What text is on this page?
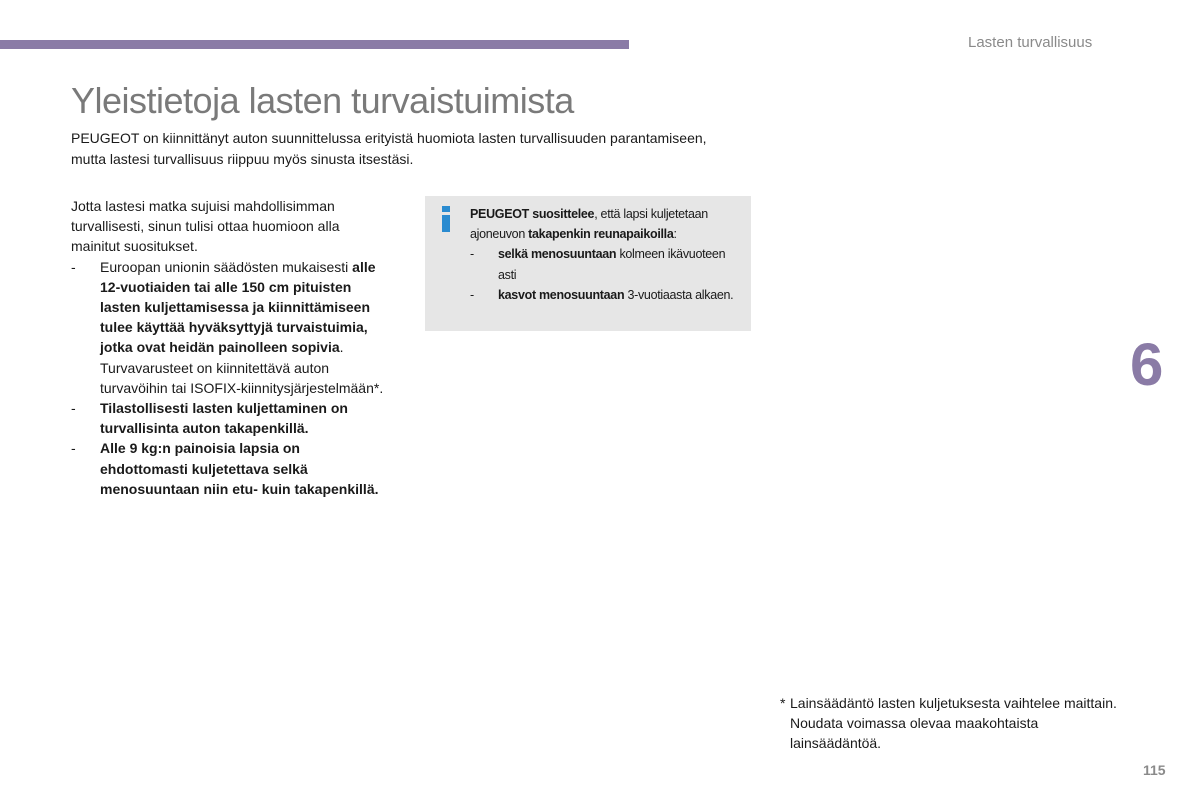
Lasten turvallisuus
Yleistietoja lasten turvaistuimista
PEUGEOT on kiinnittänyt auton suunnittelussa erityistä huomiota lasten turvallisuuden parantamiseen, mutta lastesi turvallisuus riippuu myös sinusta itsestäsi.

Jotta lastesi matka sujuisi mahdollisimman turvallisesti, sinun tulisi ottaa huomioon alla mainitut suositukset.

- Euroopan unionin säädösten mukaisesti alle 12-vuotiaiden tai alle 150 cm pituisten lasten kuljettamisessa ja kiinnittämiseen tulee käyttää hyväksyttyjä turvaistuimia, jotka ovat heidän painolleen sopivia. Turvavarusteet on kiinnitettävä auton turvavöihin tai ISOFIX-kiinnitysjärjestelmään*.
- Tilastollisesti lasten kuljettaminen on turvallisinta auton takapenkillä.
- Alle 9 kg:n painoisia lapsia on ehdottomasti kuljetettava selkä menosuuntaan niin etu- kuin takapenkillä.

PEUGEOT suosittelee, että lapsi kuljetetaan ajoneuvon takapenkin reunapaikoilla:

- selkä menosuuntaan kolmeen ikävuoteen asti
- kasvot menosuuntaan 3-vuotiaasta alkaen.
6
* Lainsäädäntö lasten kuljetuksesta vaihtelee maittain. Noudata voimassa olevaa maakohtaista lainsäädäntöä.
115
